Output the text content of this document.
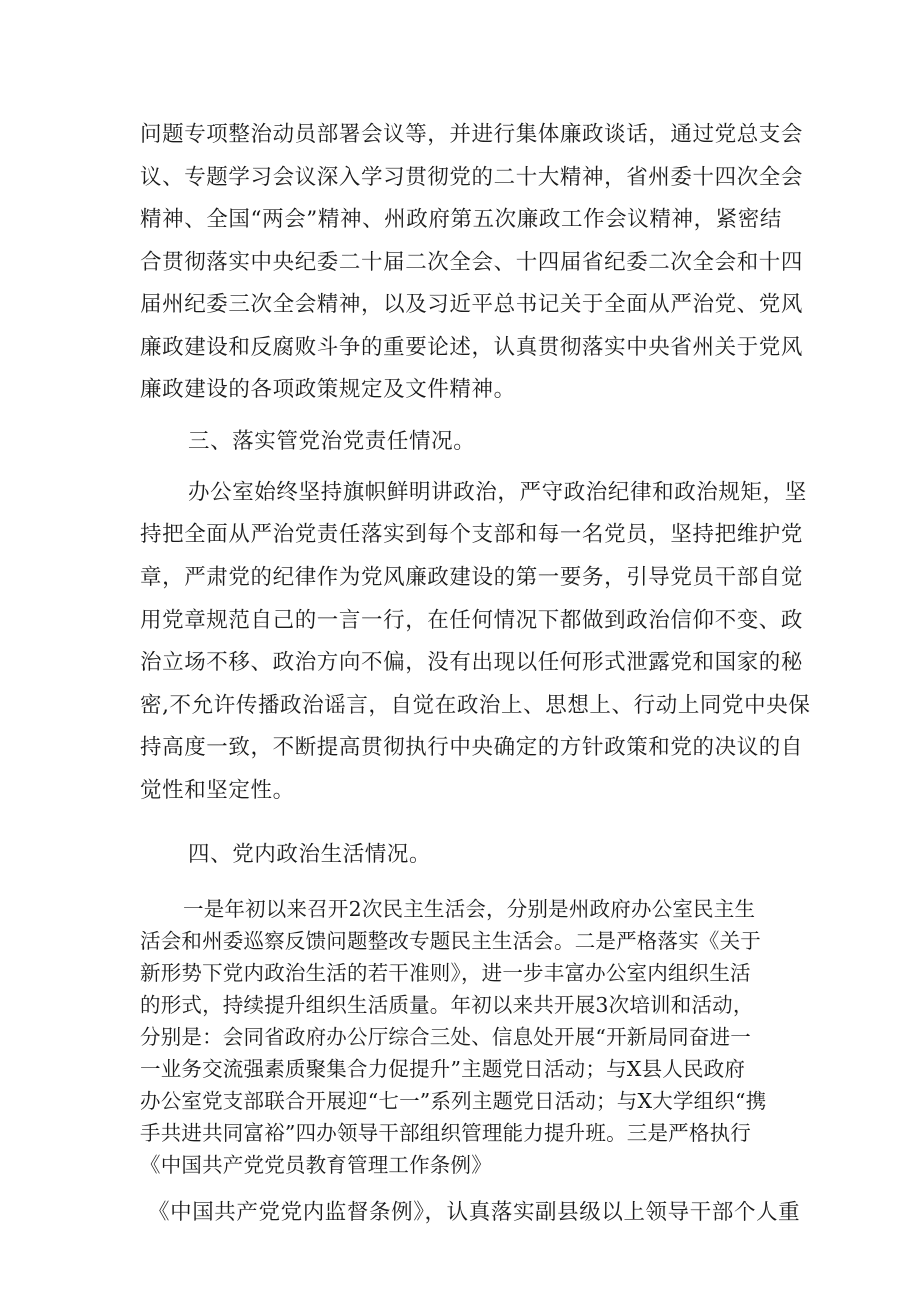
问题专项整治动员部署会议等，并进行集体廉政谈话，通过党总支会
议、专题学习会议深入学习贯彻党的二十大精神，省州委十四次全会
精神、全国“两会”精神、州政府第五次廉政工作会议精神，紧密结
合贯彻落实中央纪委二十届二次全会、十四届省纪委二次全会和十四
届州纪委三次全会精神，以及习近平总书记关于全面从严治党、党风
廉政建设和反腐败斗争的重要论述，认真贯彻落实中央省州关于党风
廉政建设的各项政策规定及文件精神。
三、落实管党治党责任情况。
办公室始终坚持旗帜鲜明讲政治，严守政治纪律和政治规矩，坚
持把全面从严治党责任落实到每个支部和每一名党员，坚持把维护党
章，严肃党的纪律作为党风廉政建设的第一要务，引导党员干部自觉
用党章规范自己的一言一行，在任何情况下都做到政治信仰不变、政
治立场不移、政治方向不偏，没有出现以任何形式泄露党和国家的秘
密,不允许传播政治谣言，自觉在政治上、思想上、行动上同党中央保
持高度一致，不断提高贯彻执行中央确定的方针政策和党的决议的自
觉性和坚定性。
四、党内政治生活情况。
一是年初以来召开2次民主生活会，分别是州政府办公室民主生
活会和州委巡察反馈问题整改专题民主生活会。二是严格落实《关于
新形势下党内政治生活的若干准则》，进一步丰富办公室内组织生活
的形式，持续提升组织生活质量。年初以来共开展3次培训和活动，
分别是：会同省政府办公厅综合三处、信息处开展“开新局同奋进一
一业务交流强素质聚集合力促提升”主题党日活动；与X县人民政府
办公室党支部联合开展迎“七一”系列主题党日活动；与X大学组织“携
手共进共同富裕”四办领导干部组织管理能力提升班。三是严格执行
《中国共产党党员教育管理工作条例》
《中国共产党党内监督条例》，认真落实副县级以上领导干部个人重
